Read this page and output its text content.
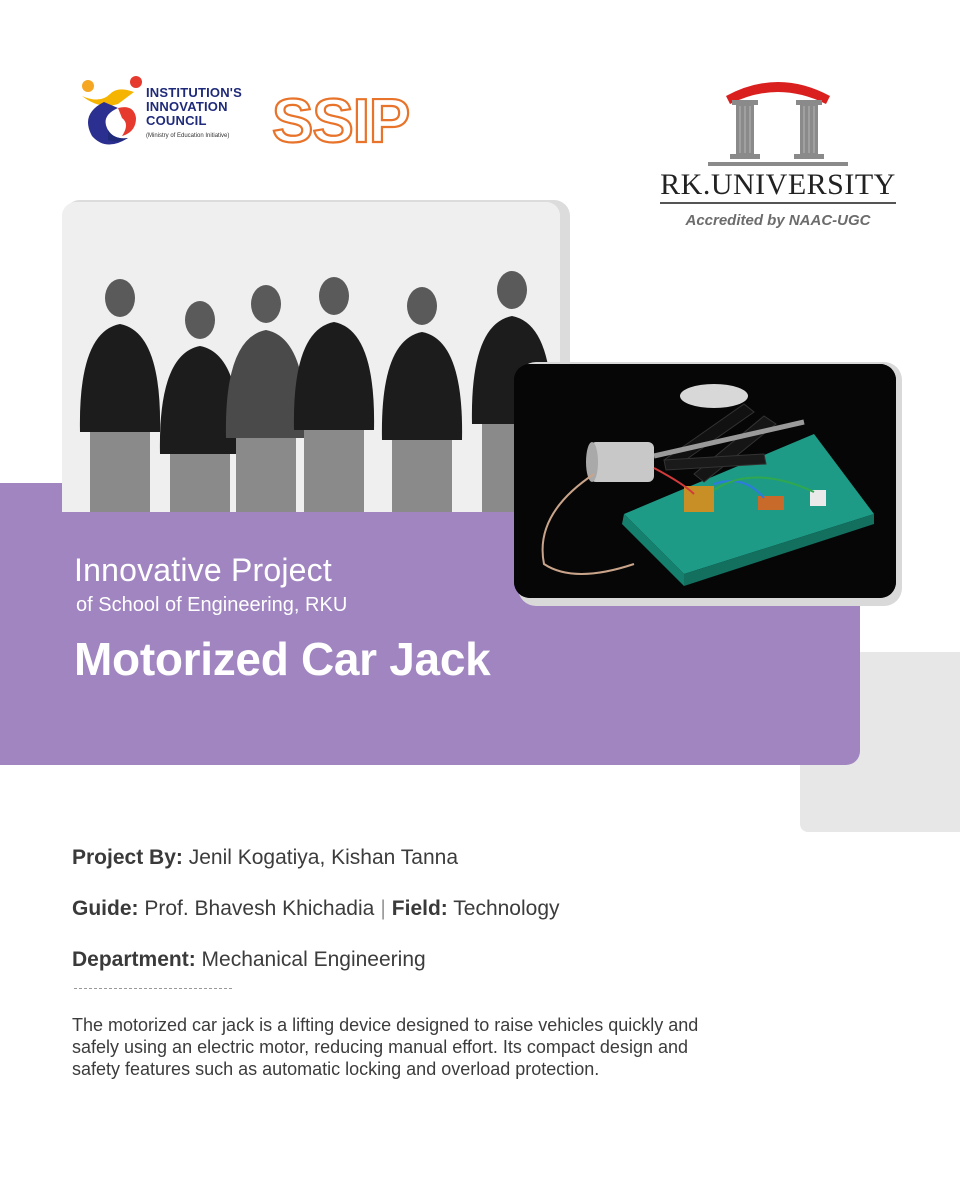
INSTITUTION'S
INNOVATION
COUNCIL
(Ministry of Education Initiative) SSIP
RK.UNIVERSITY
Accredited by NAAC-UGC
Innovative Project
of School of Engineering, RKU
Motorized Car Jack
Project By: Jenil Kogatiya, Kishan Tanna
Guide: Prof. Bhavesh Khichadia | Field: Technology
Department: Mechanical Engineering
The motorized car jack is a lifting device designed to raise vehicles quickly and safely using an electric motor, reducing manual effort. Its compact design and safety features such as automatic locking and overload protection.
